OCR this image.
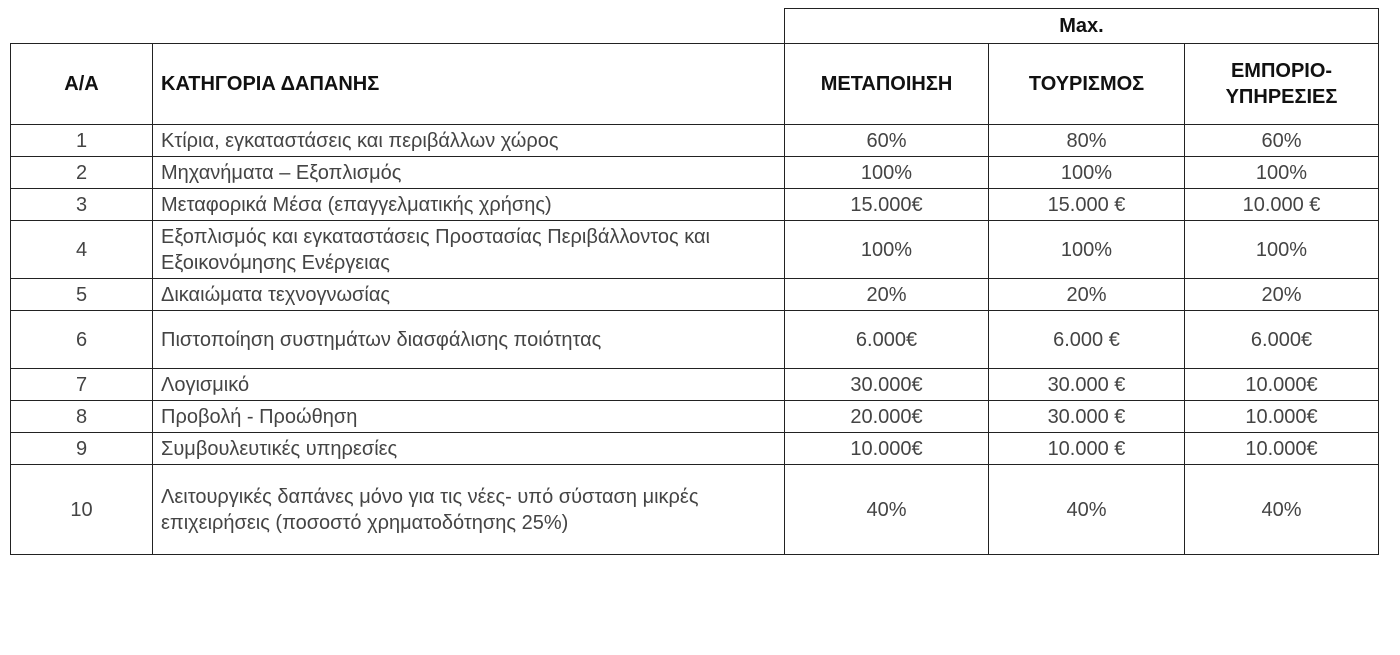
		Max.		
Α/Α	ΚΑΤΗΓΟΡΙΑ ΔΑΠΑΝΗΣ	ΜΕΤΑΠΟΙΗΣΗ	ΤΟΥΡΙΣΜΟΣ	ΕΜΠΟΡΙΟ-
ΥΠΗΡΕΣΙΕΣ
1	Κτίρια, εγκαταστάσεις και περιβάλλων χώρος	60%	80%	60%
2	Μηχανήματα – Εξοπλισμός	100%	100%	100%
3	Μεταφορικά Μέσα (επαγγελματικής χρήσης)	15.000€	15.000 €	10.000 €
4	Εξοπλισμός και εγκαταστάσεις Προστασίας Περιβάλλοντος και Εξοικονόμησης Ενέργειας	100%	100%	100%
5	Δικαιώματα τεχνογνωσίας	20%	20%	20%
6	Πιστοποίηση συστημάτων διασφάλισης ποιότητας	6.000€	6.000 €	6.000€
7	Λογισμικό	30.000€	30.000 €	10.000€
8	Προβολή - Προώθηση	20.000€	30.000 €	10.000€
9	Συμβουλευτικές υπηρεσίες	10.000€	10.000 €	10.000€
10	Λειτουργικές δαπάνες μόνο για τις νέες- υπό σύσταση μικρές επιχειρήσεις (ποσοστό χρηματοδότησης 25%)	40%	40%	40%
